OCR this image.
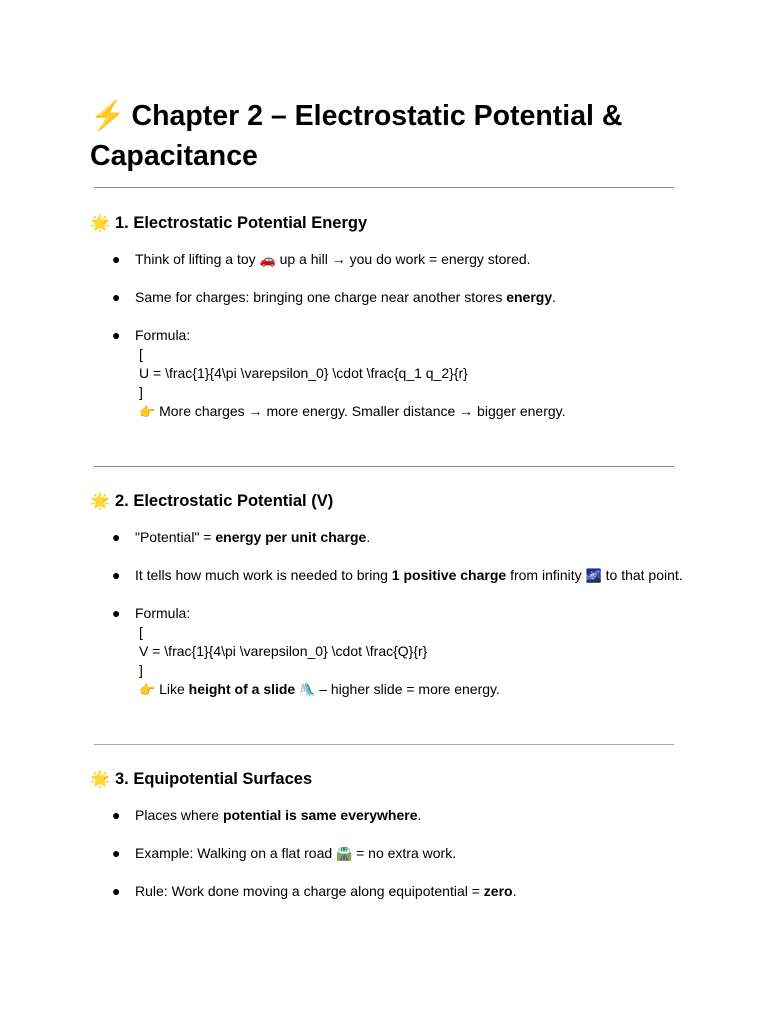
⚡ Chapter 2 – Electrostatic Potential & Capacitance
🌟 1. Electrostatic Potential Energy
● Think of lifting a toy 🚗 up a hill → you do work = energy stored.
● Same for charges: bringing one charge near another stores energy.
● Formula:
[
U = \frac{1}{4\pi \varepsilon_0} \cdot \frac{q_1 q_2}{r}
]
👉 More charges → more energy. Smaller distance → bigger energy.
🌟 2. Electrostatic Potential (V)
● "Potential" = energy per unit charge.
● It tells how much work is needed to bring 1 positive charge from infinity 🌌 to that point.
● Formula:
[
V = \frac{1}{4\pi \varepsilon_0} \cdot \frac{Q}{r}
]
👉 Like height of a slide 🛝 – higher slide = more energy.
🌟 3. Equipotential Surfaces
● Places where potential is same everywhere.
● Example: Walking on a flat road 🛣️ = no extra work.
● Rule: Work done moving a charge along equipotential = zero.
